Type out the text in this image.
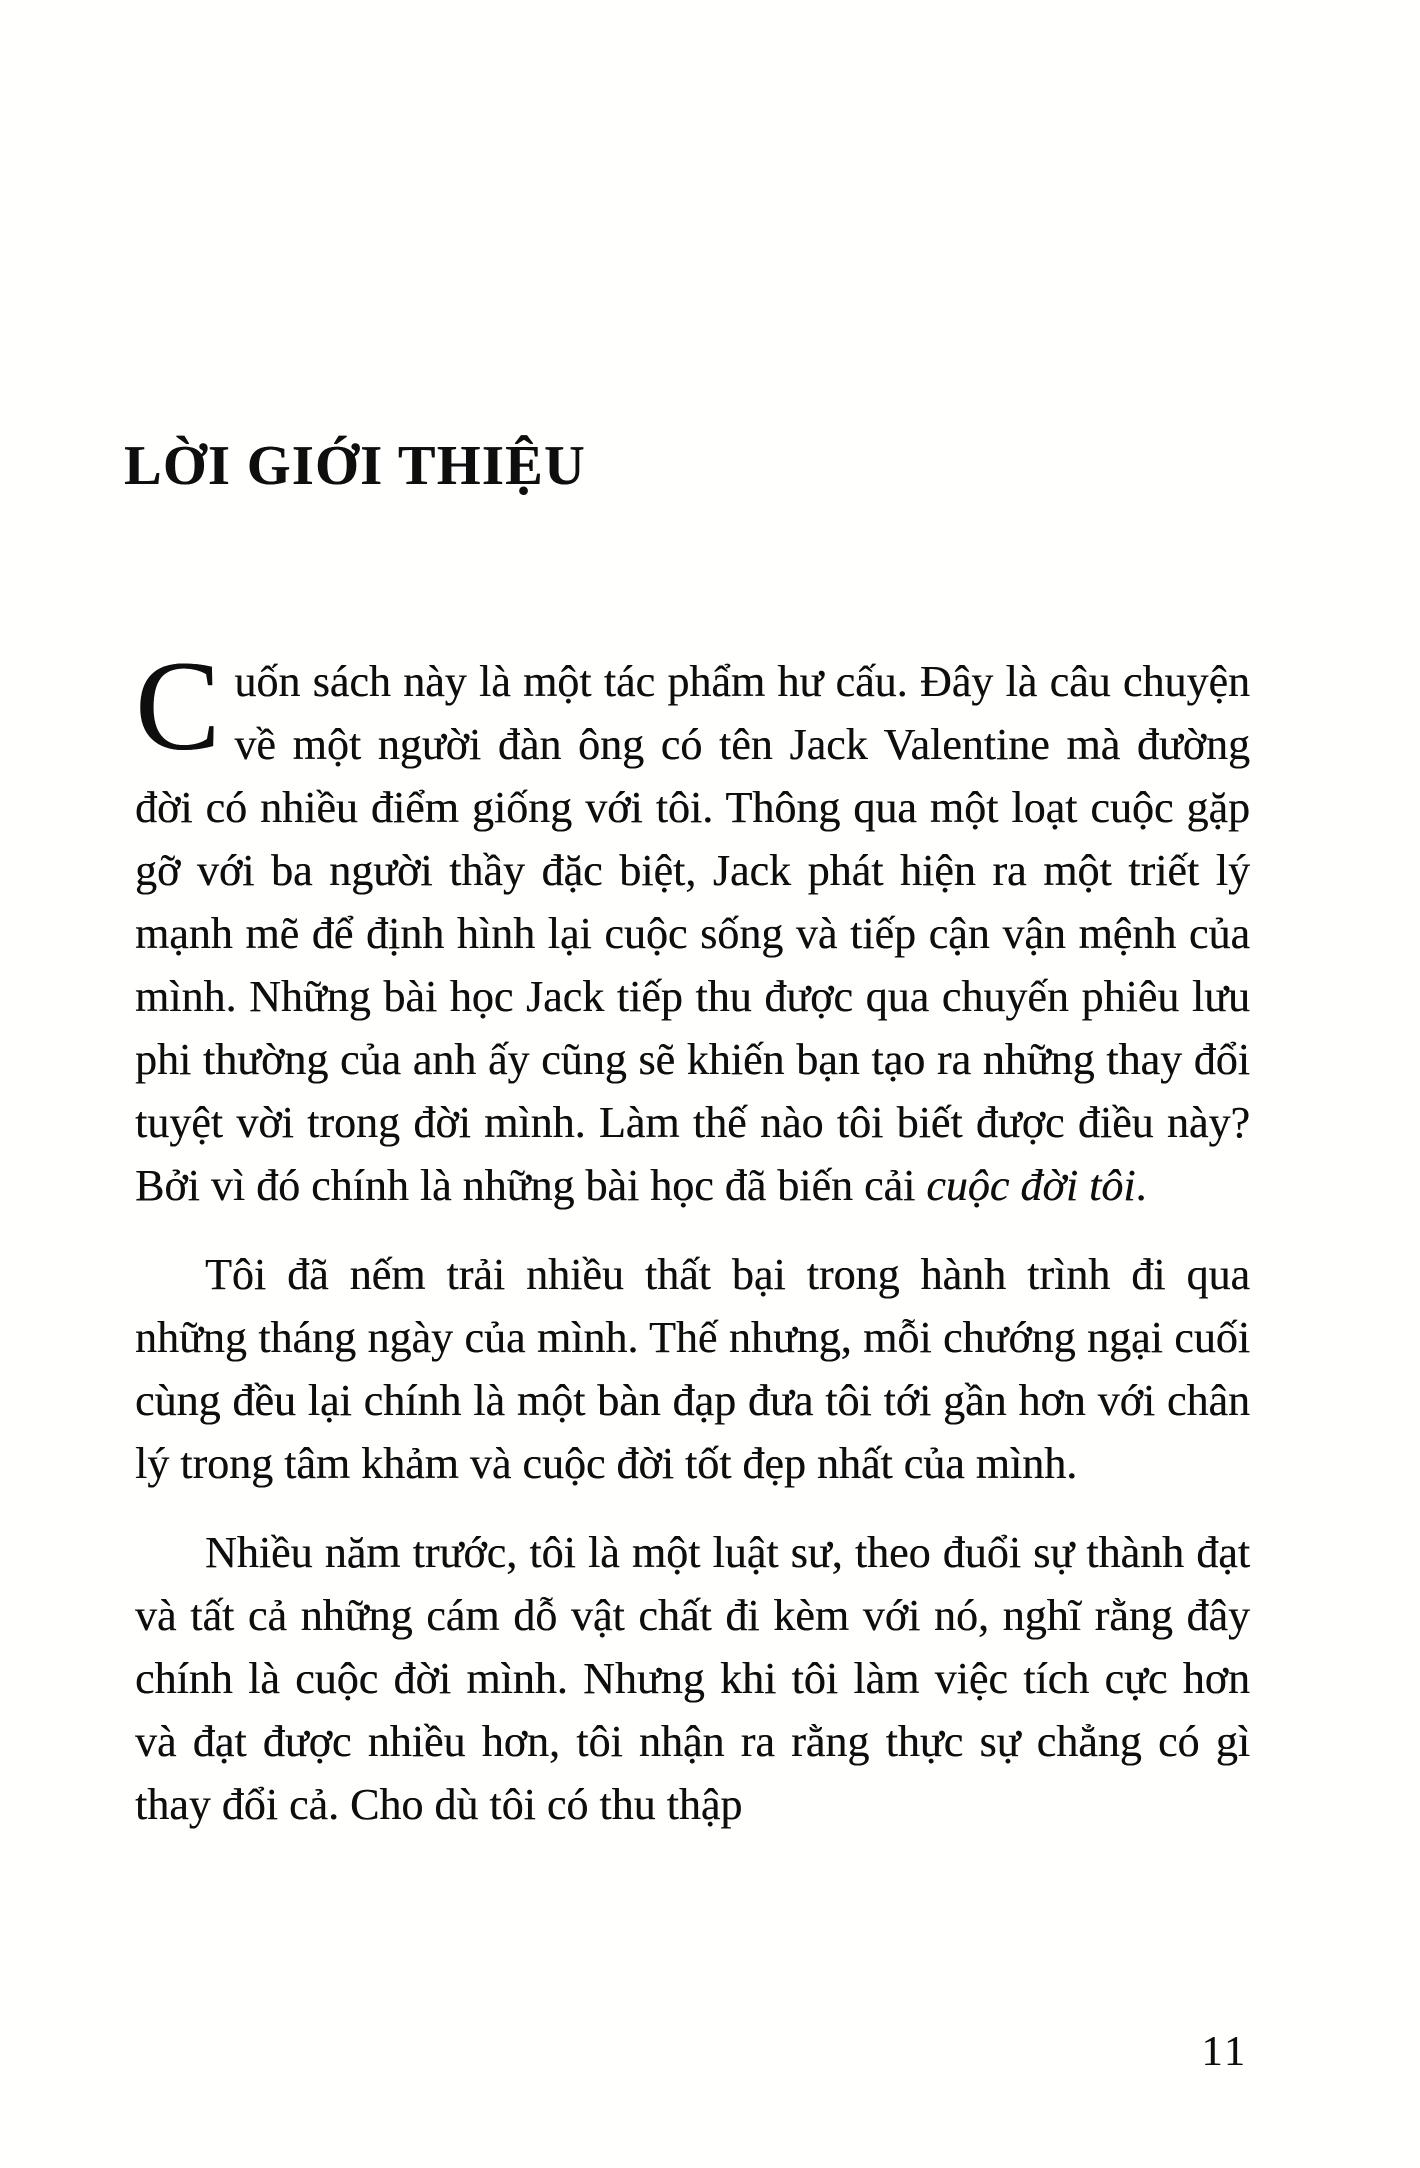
LỜI GIỚI THIỆU

Cuốn sách này là một tác phẩm hư cấu. Đây là câu chuyện về một người đàn ông có tên Jack Valentine mà đường đời có nhiều điểm giống với tôi. Thông qua một loạt cuộc gặp gỡ với ba người thầy đặc biệt, Jack phát hiện ra một triết lý mạnh mẽ để định hình lại cuộc sống và tiếp cận vận mệnh của mình. Những bài học Jack tiếp thu được qua chuyến phiêu lưu phi thường của anh ấy cũng sẽ khiến bạn tạo ra những thay đổi tuyệt vời trong đời mình. Làm thế nào tôi biết được điều này? Bởi vì đó chính là những bài học đã biến cải cuộc đời tôi.

Tôi đã nếm trải nhiều thất bại trong hành trình đi qua những tháng ngày của mình. Thế nhưng, mỗi chướng ngại cuối cùng đều lại chính là một bàn đạp đưa tôi tới gần hơn với chân lý trong tâm khảm và cuộc đời tốt đẹp nhất của mình.

Nhiều năm trước, tôi là một luật sư, theo đuổi sự thành đạt và tất cả những cám dỗ vật chất đi kèm với nó, nghĩ rằng đây chính là cuộc đời mình. Nhưng khi tôi làm việc tích cực hơn và đạt được nhiều hơn, tôi nhận ra rằng thực sự chẳng có gì thay đổi cả. Cho dù tôi có thu thập

11
